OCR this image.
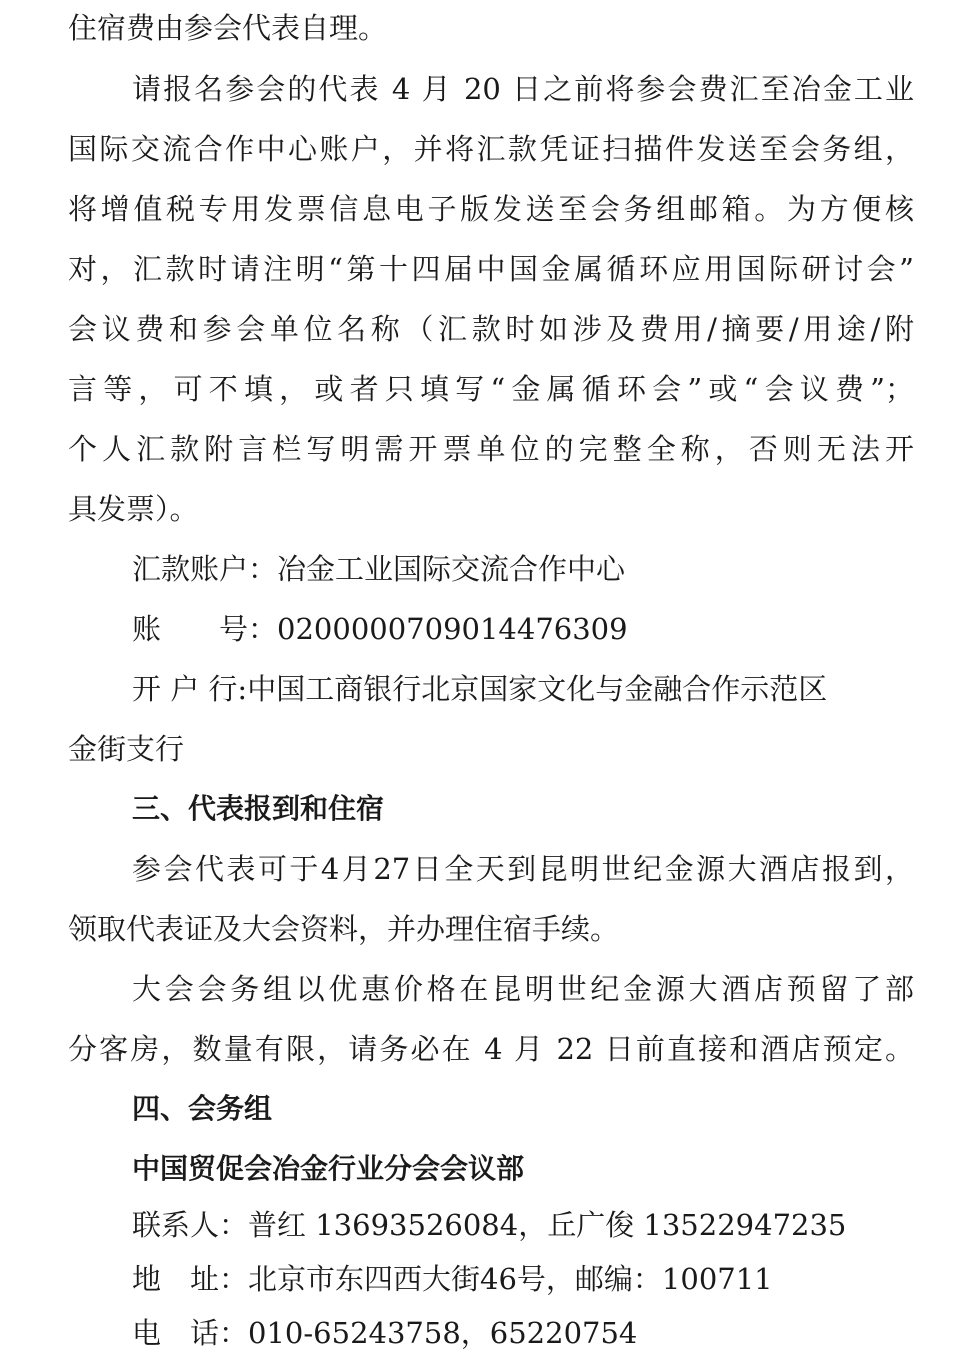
住宿费由参会代表自理。
请报名参会的代表 4 月 20 日之前将参会费汇至冶金工业
国际交流合作中心账户，并将汇款凭证扫描件发送至会务组，
将增值税专用发票信息电子版发送至会务组邮箱。为方便核
对，汇款时请注明“第十四届中国金属循环应用国际研讨会”
会议费和参会单位名称（汇款时如涉及费用/摘要/用途/附
言等，可不填，或者只填写“金属循环会”或“会议费”；
个人汇款附言栏写明需开票单位的完整全称，否则无法开
具发票）。
汇款账户：冶金工业国际交流合作中心
账　　号：0200000709014476309
开 户 行:中国工商银行北京国家文化与金融合作示范区
金街支行
三、代表报到和住宿
参会代表可于4月27日全天到昆明世纪金源大酒店报到，
领取代表证及大会资料，并办理住宿手续。
大会会务组以优惠价格在昆明世纪金源大酒店预留了部
分客房，数量有限，请务必在 4 月 22 日前直接和酒店预定。
四、会务组
中国贸促会冶金行业分会会议部
联系人：普红 13693526084，丘广俊 13522947235
地　址：北京市东四西大街46号，邮编：100711
电　话：010-65243758，65220754
